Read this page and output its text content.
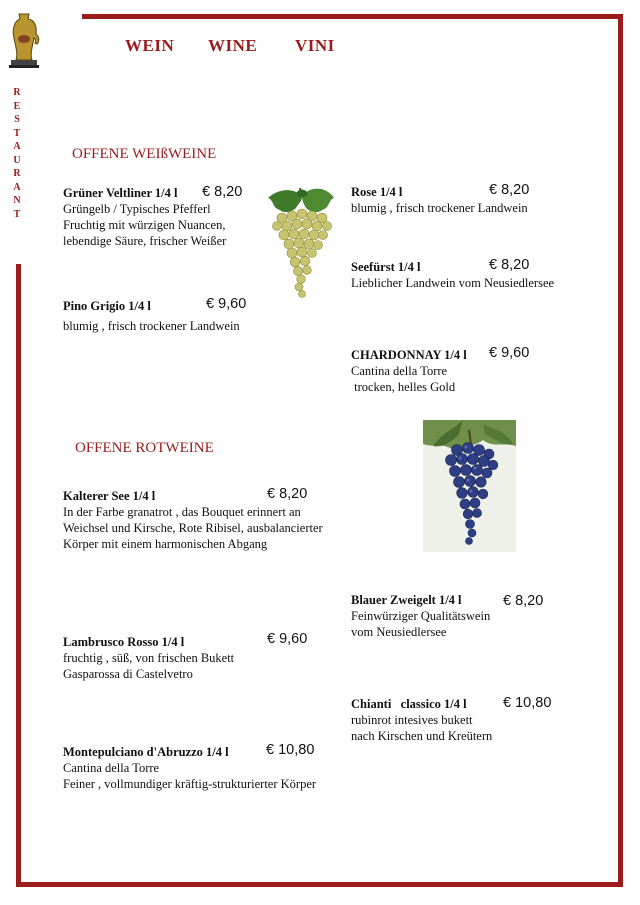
R
E
S
T
A
U
R
A
N
T
WEIN WINE VINI
OFFENE WEIßWEINE
Grüner Veltliner 1/4 l
Grüngelb / Typisches Pfefferl
Fruchtig mit würzigen Nuancen,
lebendige Säure, frischer Weißer
€ 8,20
Pino Grigio 1/4 l
blumig , frisch trockener Landwein
€ 9,60
Rose 1/4 l
blumig , frisch trockener Landwein
€ 8,20
Seefürst 1/4 l
Lieblicher Landwein vom Neusiedlersee
€ 8,20
CHARDONNAY 1/4 l
Cantina della Torre
trocken, helles Gold
€ 9,60
OFFENE ROTWEINE
Kalterer See 1/4 l
In der Farbe granatrot , das Bouquet erinnert an
Weichsel und Kirsche, Rote Ribisel, ausbalancierter
Körper mit einem harmonischen Abgang
€ 8,20
Lambrusco Rosso 1/4 l
fruchtig , süß, von frischen Bukett
Gasparossa di Castelvetro
€ 9,60
Montepulciano d'Abruzzo 1/4 l
Cantina della Torre
Feiner , vollmundiger kräftig-strukturierter Körper
€ 10,80
Blauer Zweigelt 1/4 l
Feinwürziger Qualitätswein
vom Neusiedlersee
€ 8,20
Chianti   classico 1/4 l
rubinrot intesives bukett
nach Kirschen und Kreütern
€ 10,80
